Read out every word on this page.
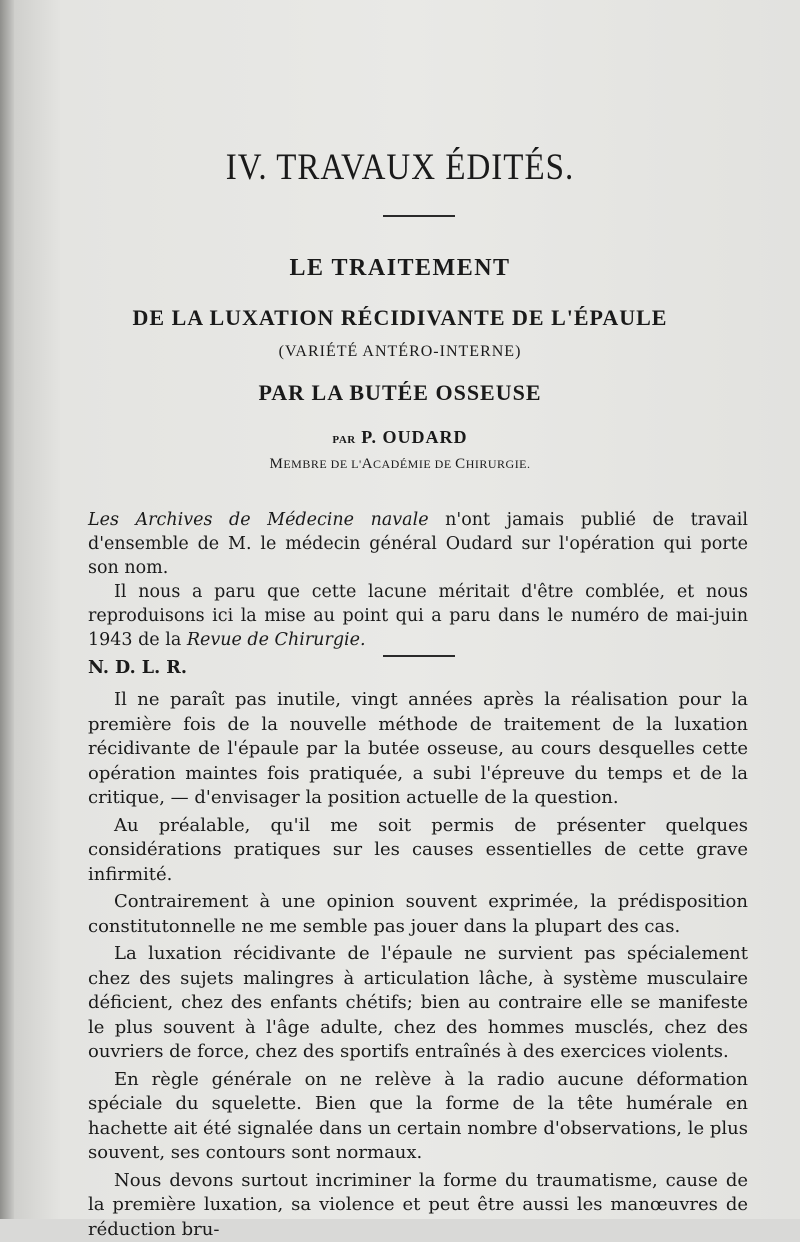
IV. TRAVAUX ÉDITÉS.
LE TRAITEMENT
DE LA LUXATION RÉCIDIVANTE DE L'ÉPAULE
(VARIÉTÉ ANTÉRO-INTERNE)
PAR LA BUTÉE OSSEUSE
PAR P. OUDARD
MEMBRE DE L'ACADÉMIE DE CHIRURGIE.

Les Archives de Médecine navale n'ont jamais publié de travail d'ensemble de M. le médecin général Oudard sur l'opération qui porte son nom.

Il nous a paru que cette lacune méritait d'être comblée, et nous reproduisons ici la mise au point qui a paru dans le numéro de mai-juin 1943 de la Revue de Chirurgie.

N. D. L. R.

Il ne paraît pas inutile, vingt années après la réalisation pour la première fois de la nouvelle méthode de traitement de la luxation récidivante de l'épaule par la butée osseuse, au cours desquelles cette opération maintes fois pratiquée, a subi l'épreuve du temps et de la critique, — d'envisager la position actuelle de la question.

Au préalable, qu'il me soit permis de présenter quelques considérations pratiques sur les causes essentielles de cette grave infirmité.

Contrairement à une opinion souvent exprimée, la prédisposition constitutonnelle ne me semble pas jouer dans la plupart des cas.

La luxation récidivante de l'épaule ne survient pas spécialement chez des sujets malingres à articulation lâche, à système musculaire déficient, chez des enfants chétifs; bien au contraire elle se manifeste le plus souvent à l'âge adulte, chez des hommes musclés, chez des ouvriers de force, chez des sportifs entraînés à des exercices violents.

En règle générale on ne relève à la radio aucune déformation spéciale du squelette. Bien que la forme de la tête humérale en hachette ait été signalée dans un certain nombre d'observations, le plus souvent, ses contours sont normaux.

Nous devons surtout incriminer la forme du traumatisme, cause de la première luxation, sa violence et peut être aussi les manœuvres de réduction bru-
